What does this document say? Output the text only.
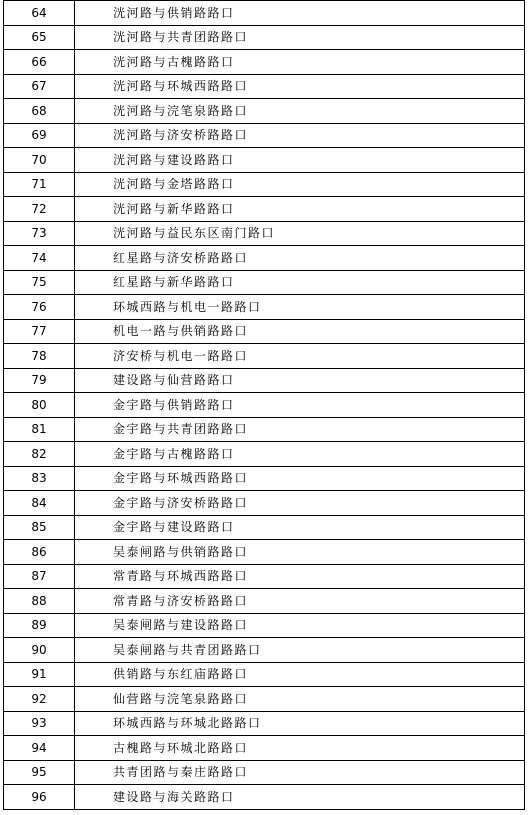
64	洸河路与供销路路口
65	洸河路与共青团路路口
66	洸河路与古槐路路口
67	洸河路与环城西路路口
68	洸河路与浣笔泉路路口
69	洸河路与济安桥路路口
70	洸河路与建设路路口
71	洸河路与金塔路路口
72	洸河路与新华路路口
73	洸河路与益民东区南门路口
74	红星路与济安桥路路口
75	红星路与新华路路口
76	环城西路与机电一路路口
77	机电一路与供销路路口
78	济安桥与机电一路路口
79	建设路与仙营路路口
80	金宇路与供销路路口
81	金宇路与共青团路路口
82	金宇路与古槐路路口
83	金宇路与环城西路路口
84	金宇路与济安桥路路口
85	金宇路与建设路路口
86	吴泰闸路与供销路路口
87	常青路与环城西路路口
88	常青路与济安桥路路口
89	吴泰闸路与建设路路口
90	吴泰闸路与共青团路路口
91	供销路与东红庙路路口
92	仙营路与浣笔泉路路口
93	环城西路与环城北路路口
94	古槐路与环城北路路口
95	共青团路与秦庄路路口
96	建设路与海关路路口
